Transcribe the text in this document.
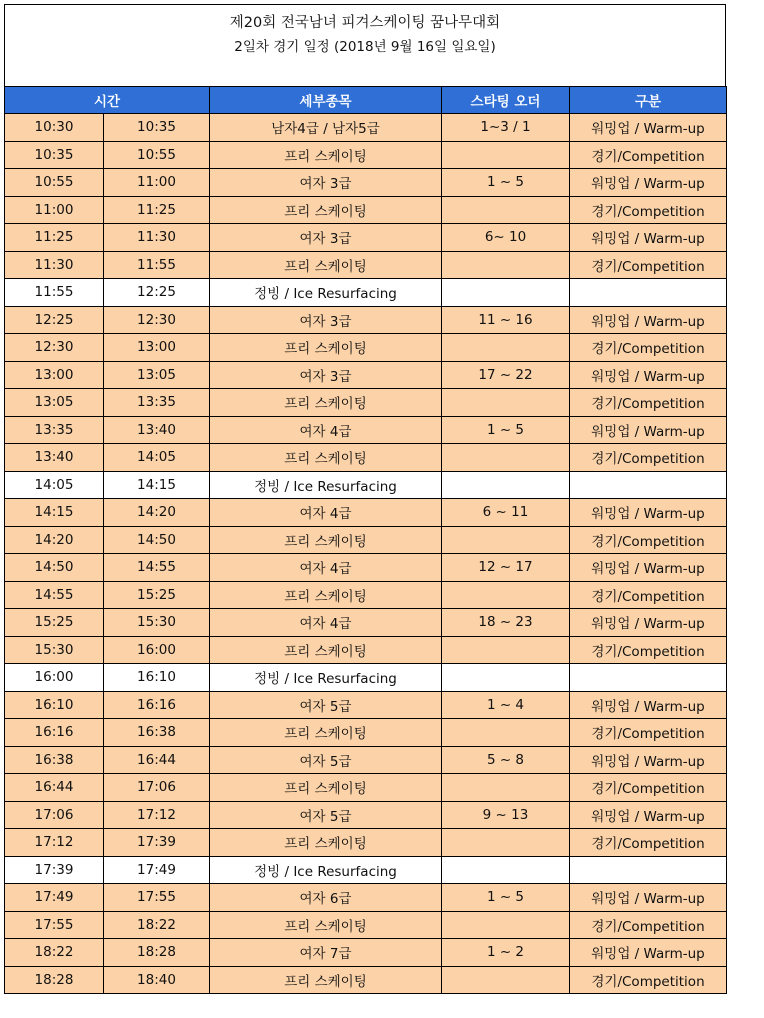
제20회 전국남녀 피겨스케이팅 꿈나무대회
2일차 경기 일정 (2018년 9월 16일 일요일)
시간		세부종목	스타팅 오더	구분
10:30	10:35	남자4급 / 남자5급	1~3 / 1	워밍업 / Warm-up
10:35	10:55	프리 스케이팅		경기/Competition
10:55	11:00	여자 3급	1 ~ 5	워밍업 / Warm-up
11:00	11:25	프리 스케이팅		경기/Competition
11:25	11:30	여자 3급	6~ 10	워밍업 / Warm-up
11:30	11:55	프리 스케이팅		경기/Competition
11:55	12:25	정빙 / Ice Resurfacing		
12:25	12:30	여자 3급	11 ~ 16	워밍업 / Warm-up
12:30	13:00	프리 스케이팅		경기/Competition
13:00	13:05	여자 3급	17 ~ 22	워밍업 / Warm-up
13:05	13:35	프리 스케이팅		경기/Competition
13:35	13:40	여자 4급	1 ~ 5	워밍업 / Warm-up
13:40	14:05	프리 스케이팅		경기/Competition
14:05	14:15	정빙 / Ice Resurfacing		
14:15	14:20	여자 4급	6 ~ 11	워밍업 / Warm-up
14:20	14:50	프리 스케이팅		경기/Competition
14:50	14:55	여자 4급	12 ~ 17	워밍업 / Warm-up
14:55	15:25	프리 스케이팅		경기/Competition
15:25	15:30	여자 4급	18 ~ 23	워밍업 / Warm-up
15:30	16:00	프리 스케이팅		경기/Competition
16:00	16:10	정빙 / Ice Resurfacing		
16:10	16:16	여자 5급	1 ~ 4	워밍업 / Warm-up
16:16	16:38	프리 스케이팅		경기/Competition
16:38	16:44	여자 5급	5 ~ 8	워밍업 / Warm-up
16:44	17:06	프리 스케이팅		경기/Competition
17:06	17:12	여자 5급	9 ~ 13	워밍업 / Warm-up
17:12	17:39	프리 스케이팅		경기/Competition
17:39	17:49	정빙 / Ice Resurfacing		
17:49	17:55	여자 6급	1 ~ 5	워밍업 / Warm-up
17:55	18:22	프리 스케이팅		경기/Competition
18:22	18:28	여자 7급	1 ~ 2	워밍업 / Warm-up
18:28	18:40	프리 스케이팅		경기/Competition
